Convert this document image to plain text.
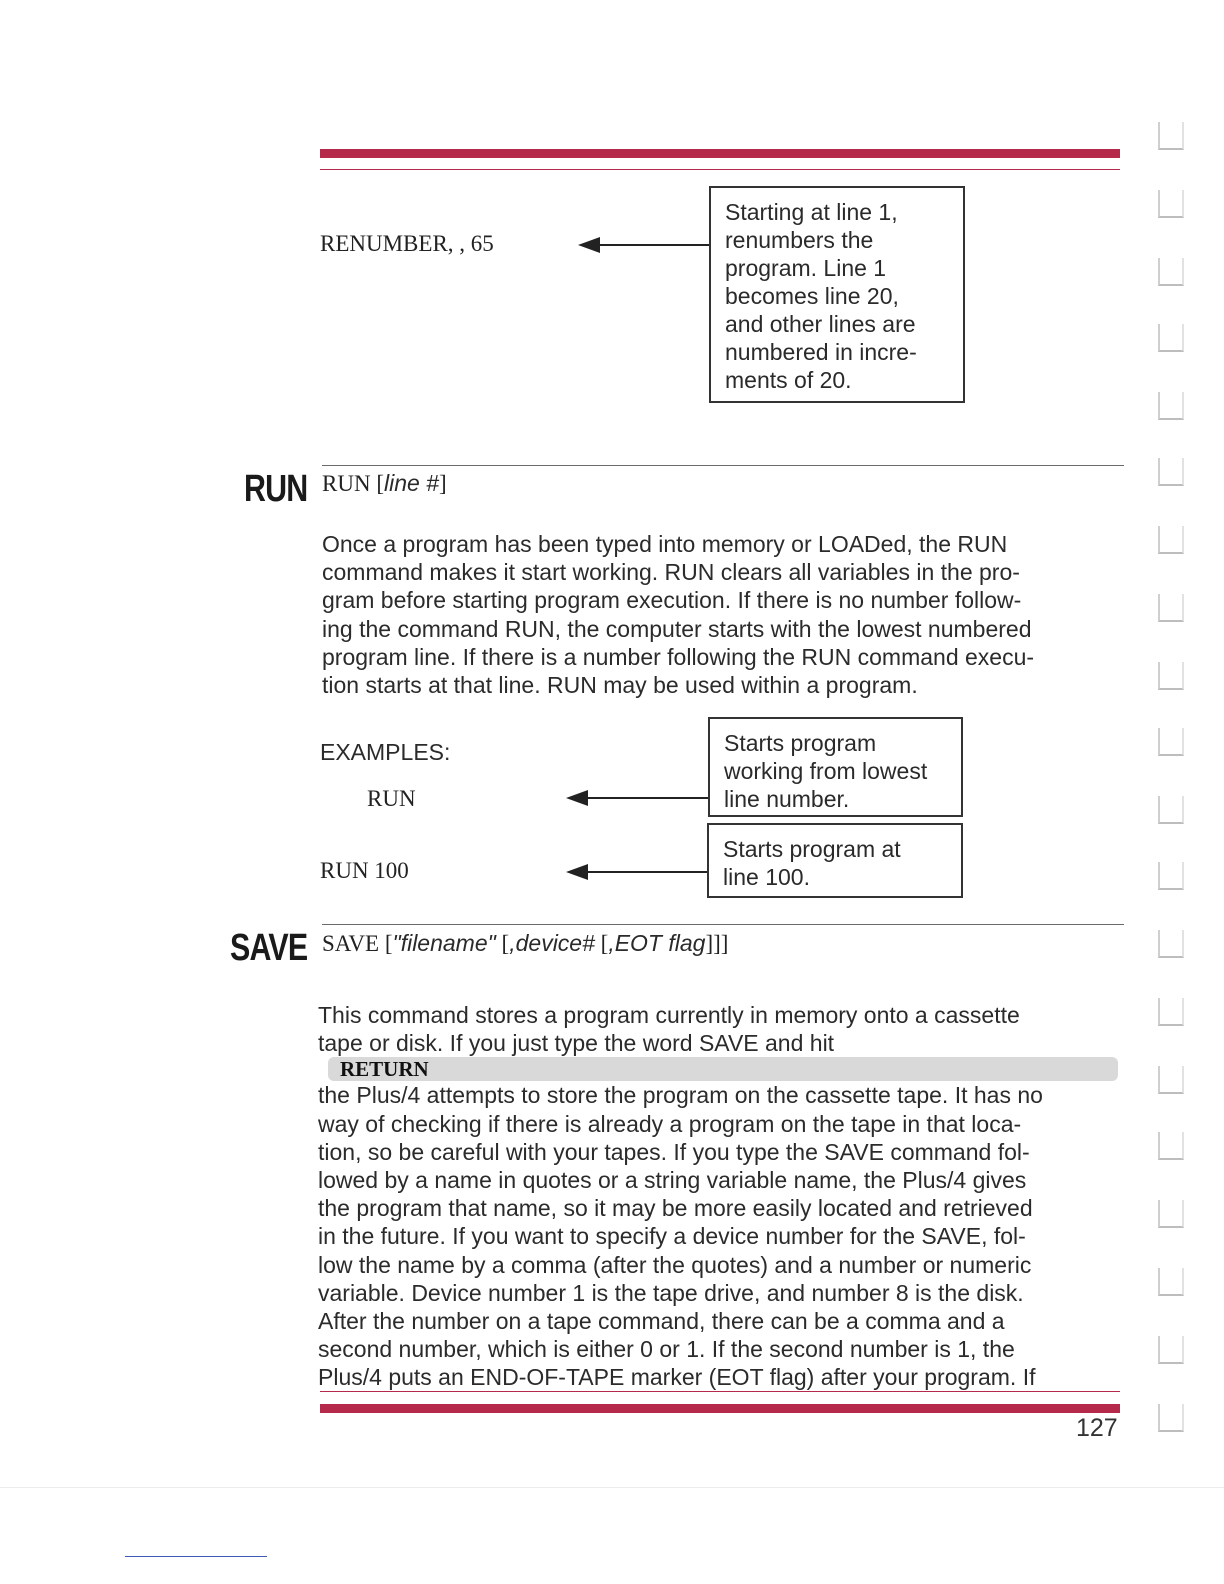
RENUMBER, , 65
Starting at line 1,
renumbers the
program. Line 1
becomes line 20,
and other lines are
numbered in incre-
ments of 20.
RUN RUN [line #]
Once a program has been typed into memory or LOADed, the RUN
command makes it start working. RUN clears all variables in the pro-
gram before starting program execution. If there is no number follow-
ing the command RUN, the computer starts with the lowest numbered
program line. If there is a number following the RUN command execu-
tion starts at that line. RUN may be used within a program.
EXAMPLES:
RUN
Starts program
working from lowest
line number.
RUN 100
Starts program at
line 100.
SAVE SAVE ["filename" [,device# [,EOT flag]]]
This command stores a program currently in memory onto a cassette
tape or disk. If you just type the word SAVE and hit
RETURN
the Plus/4 attempts to store the program on the cassette tape. It has no
way of checking if there is already a program on the tape in that loca-
tion, so be careful with your tapes. If you type the SAVE command fol-
lowed by a name in quotes or a string variable name, the Plus/4 gives
the program that name, so it may be more easily located and retrieved
in the future. If you want to specify a device number for the SAVE, fol-
low the name by a comma (after the quotes) and a number or numeric
variable. Device number 1 is the tape drive, and number 8 is the disk.
After the number on a tape command, there can be a comma and a
second number, which is either 0 or 1. If the second number is 1, the
Plus/4 puts an END-OF-TAPE marker (EOT flag) after your program. If
127
